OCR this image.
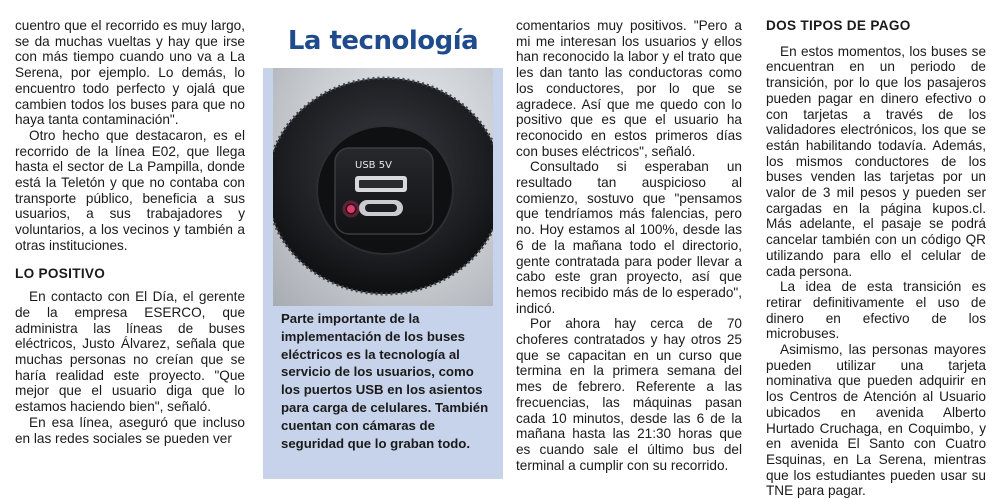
cuentro que el recorrido es muy largo, se da muchas vueltas y hay que irse con más tiempo cuando uno va a La Serena, por ejemplo. Lo demás, lo encuentro todo perfecto y ojalá que cambien todos los buses para que no haya tanta contaminación".

Otro hecho que destacaron, es el recorrido de la línea E02, que llega hasta el sector de La Pampilla, donde está la Teletón y que no contaba con transporte público, beneficia a sus usuarios, a sus trabajadores y voluntarios, a los vecinos y también a otras instituciones.

LO POSITIVO

En contacto con El Día, el gerente de la empresa ESERCO, que administra las líneas de buses eléctricos, Justo Álvarez, señala que muchas personas no creían que se haría realidad este proyecto. "Que mejor que el usuario diga que lo estamos haciendo bien", señaló.

En esa línea, aseguró que incluso en las redes sociales se pueden ver

La tecnología
USB 5V
Parte importante de la implementación de los buses eléctricos es la tecnología al servicio de los usuarios, como los puertos USB en los asientos para carga de celulares. También cuentan con cámaras de seguridad que lo graban todo.

comentarios muy positivos. "Pero a mi me interesan los usuarios y ellos han reconocido la labor y el trato que les dan tanto las conductoras como los conductores, por lo que se agradece. Así que me quedo con lo positivo que es que el usuario ha reconocido en estos primeros días con buses eléctricos", señaló.

Consultado si esperaban un resultado tan auspicioso al comienzo, sostuvo que "pensamos que tendríamos más falencias, pero no. Hoy estamos al 100%, desde las 6 de la mañana todo el directorio, gente contratada para poder llevar a cabo este gran proyecto, así que hemos recibido más de lo esperado", indicó.

Por ahora hay cerca de 70 choferes contratados y hay otros 25 que se capacitan en un curso que termina en la primera semana del mes de febrero. Referente a las frecuencias, las máquinas pasan cada 10 minutos, desde las 6 de la mañana hasta las 21:30 horas que es cuando sale el último bus del terminal a cumplir con su recorrido.

DOS TIPOS DE PAGO

En estos momentos, los buses se encuentran en un periodo de transición, por lo que los pasajeros pueden pagar en dinero efectivo o con tarjetas a través de los validadores electrónicos, los que se están habilitando todavía. Además, los mismos conductores de los buses venden las tarjetas por un valor de 3 mil pesos y pueden ser cargadas en la página kupos.cl. Más adelante, el pasaje se podrá cancelar también con un código QR utilizando para ello el celular de cada persona.

La idea de esta transición es retirar definitivamente el uso de dinero en efectivo de los microbuses.

Asimismo, las personas mayores pueden utilizar una tarjeta nominativa que pueden adquirir en los Centros de Atención al Usuario ubicados en avenida Alberto Hurtado Cruchaga, en Coquimbo, y en avenida El Santo con Cuatro Esquinas, en La Serena, mientras que los estudiantes pueden usar su TNE para pagar.
